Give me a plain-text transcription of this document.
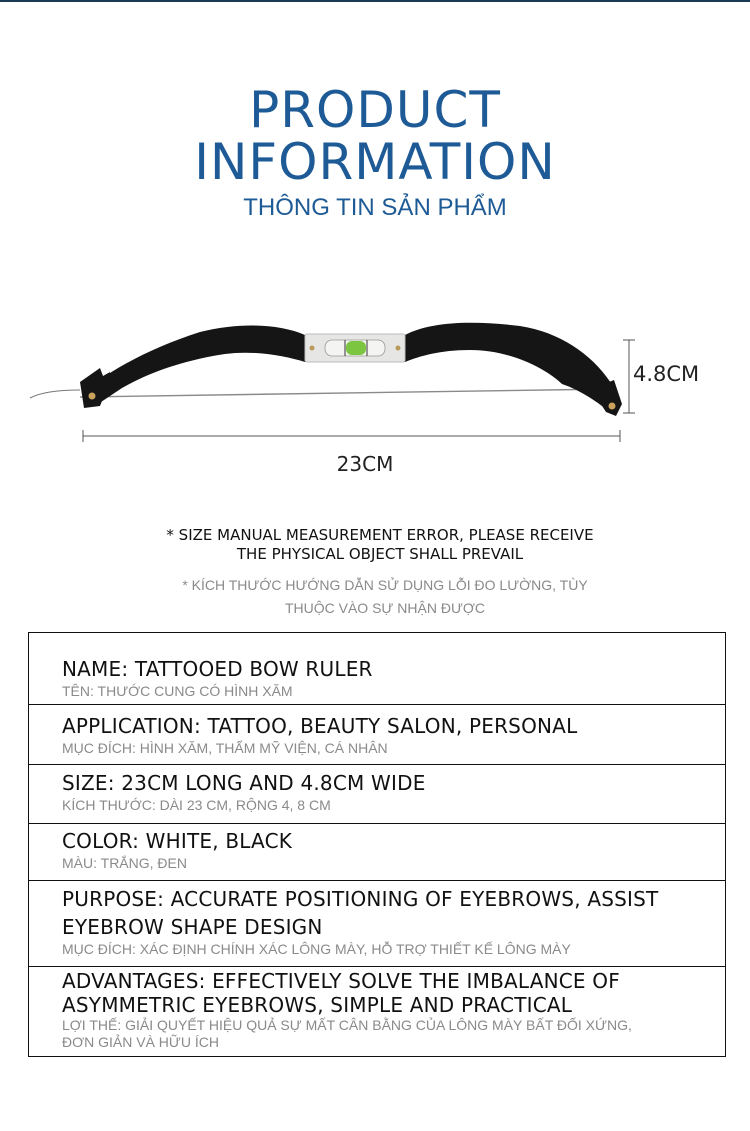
PRODUCT
INFORMATION
THÔNG TIN SẢN PHẨM
23CM
4.8CM
* SIZE MANUAL MEASUREMENT ERROR, PLEASE RECEIVE
THE PHYSICAL OBJECT SHALL PREVAIL
* KÍCH THƯỚC HƯỚNG DẪN SỬ DỤNG LỖI ĐO LƯỜNG, TÙY
THUỘC VÀO SỰ NHẬN ĐƯỢC

NAME: TATTOOED BOW RULER

TÊN: THƯỚC CUNG CÓ HÌNH XĂM

APPLICATION: TATTOO, BEAUTY SALON, PERSONAL

MỤC ĐÍCH: HÌNH XĂM, THẨM MỸ VIỆN, CÁ NHÂN

SIZE: 23CM LONG AND 4.8CM WIDE

KÍCH THƯỚC: DÀI 23 CM, RỘNG 4, 8 CM

COLOR: WHITE, BLACK

MÀU: TRẮNG, ĐEN

PURPOSE: ACCURATE POSITIONING OF EYEBROWS, ASSIST

EYEBROW SHAPE DESIGN

MỤC ĐÍCH: XÁC ĐỊNH CHÍNH XÁC LÔNG MÀY, HỖ TRỢ THIẾT KẾ LÔNG MÀY

ADVANTAGES: EFFECTIVELY SOLVE THE IMBALANCE OF

ASYMMETRIC EYEBROWS, SIMPLE AND PRACTICAL

LỢI THẾ: GIẢI QUYẾT HIỆU QUẢ SỰ MẤT CÂN BẰNG CỦA LÔNG MÀY BẤT ĐỐI XỨNG,

ĐƠN GIẢN VÀ HỮU ÍCH
